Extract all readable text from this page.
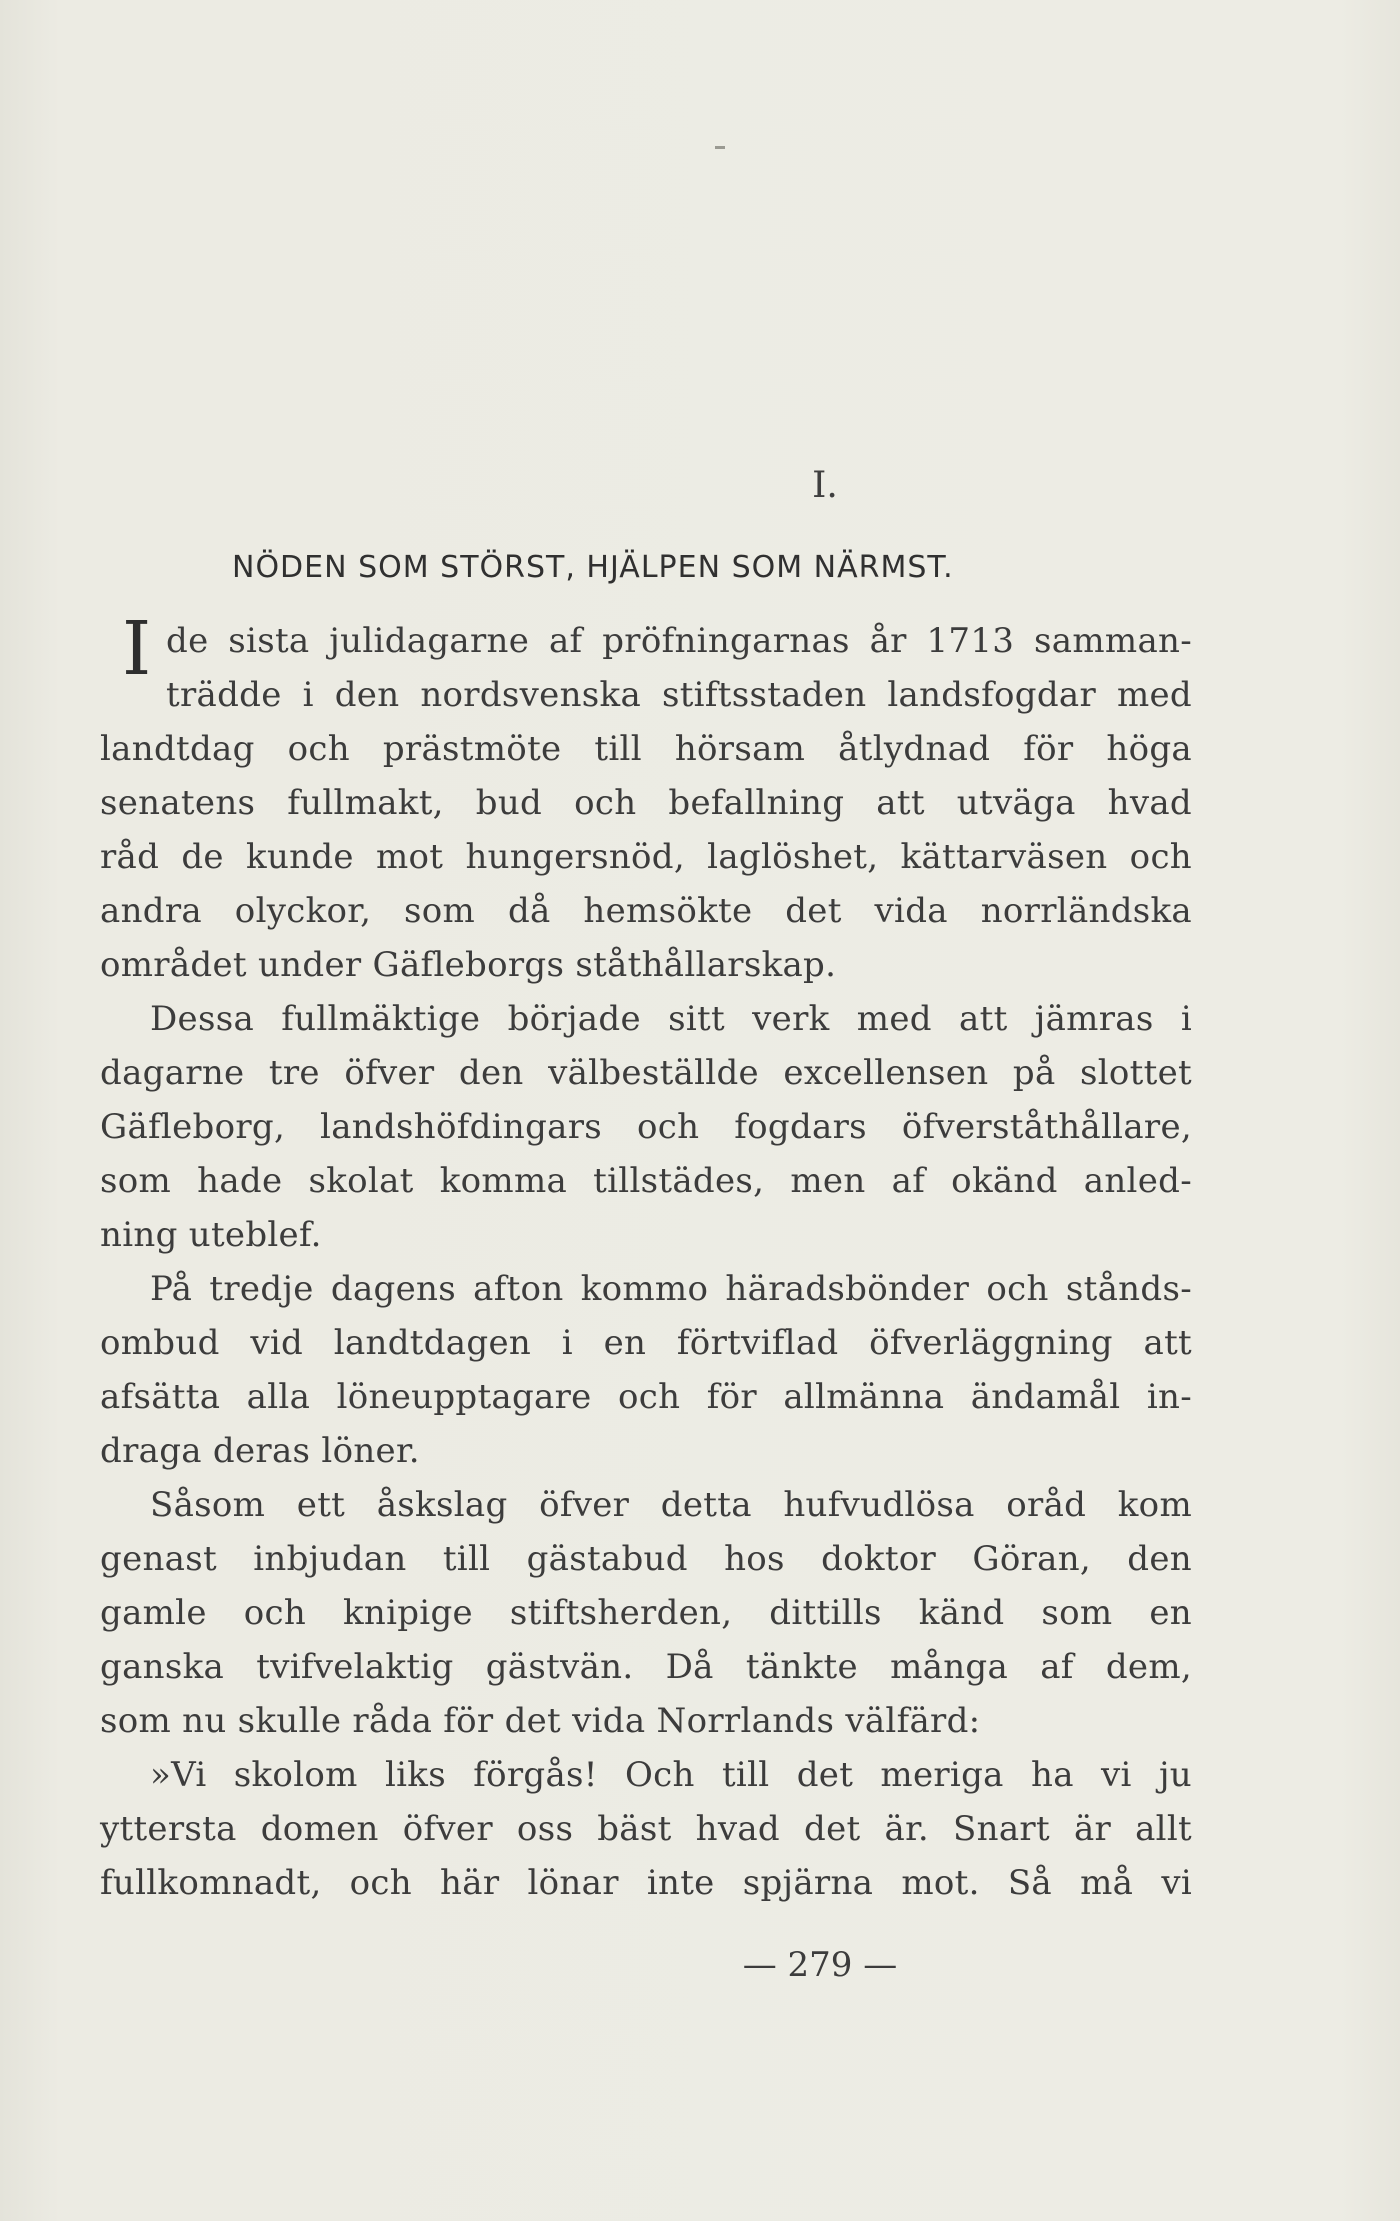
I.
NÖDEN SOM STÖRST, HJÄLPEN SOM NÄRMST.
I de sista julidagarne af pröfningarnas år 1713 samman-
trädde i den nordsvenska stiftsstaden landsfogdar med
landtdag och prästmöte till hörsam åtlydnad för höga
senatens fullmakt, bud och befallning att utväga hvad
råd de kunde mot hungersnöd, laglöshet, kättarväsen och
andra olyckor, som då hemsökte det vida norrländska
området under Gäfleborgs ståthållarskap.
Dessa fullmäktige började sitt verk med att jämras i
dagarne tre öfver den välbeställde excellensen på slottet
Gäfleborg, landshöfdingars och fogdars öfverståthållare,
som hade skolat komma tillstädes, men af okänd anled-
ning uteblef.
På tredje dagens afton kommo häradsbönder och stånds-
ombud vid landtdagen i en förtviflad öfverläggning att
afsätta alla löneupptagare och för allmänna ändamål in-
draga deras löner.
Såsom ett åskslag öfver detta hufvudlösa oråd kom
genast inbjudan till gästabud hos doktor Göran, den
gamle och knipige stiftsherden, dittills känd som en
ganska tvifvelaktig gästvän. Då tänkte många af dem,
som nu skulle råda för det vida Norrlands välfärd:
»Vi skolom liks förgås! Och till det meriga ha vi ju
yttersta domen öfver oss bäst hvad det är. Snart är allt
fullkomnadt, och här lönar inte spjärna mot. Så må vi
— 279 —
